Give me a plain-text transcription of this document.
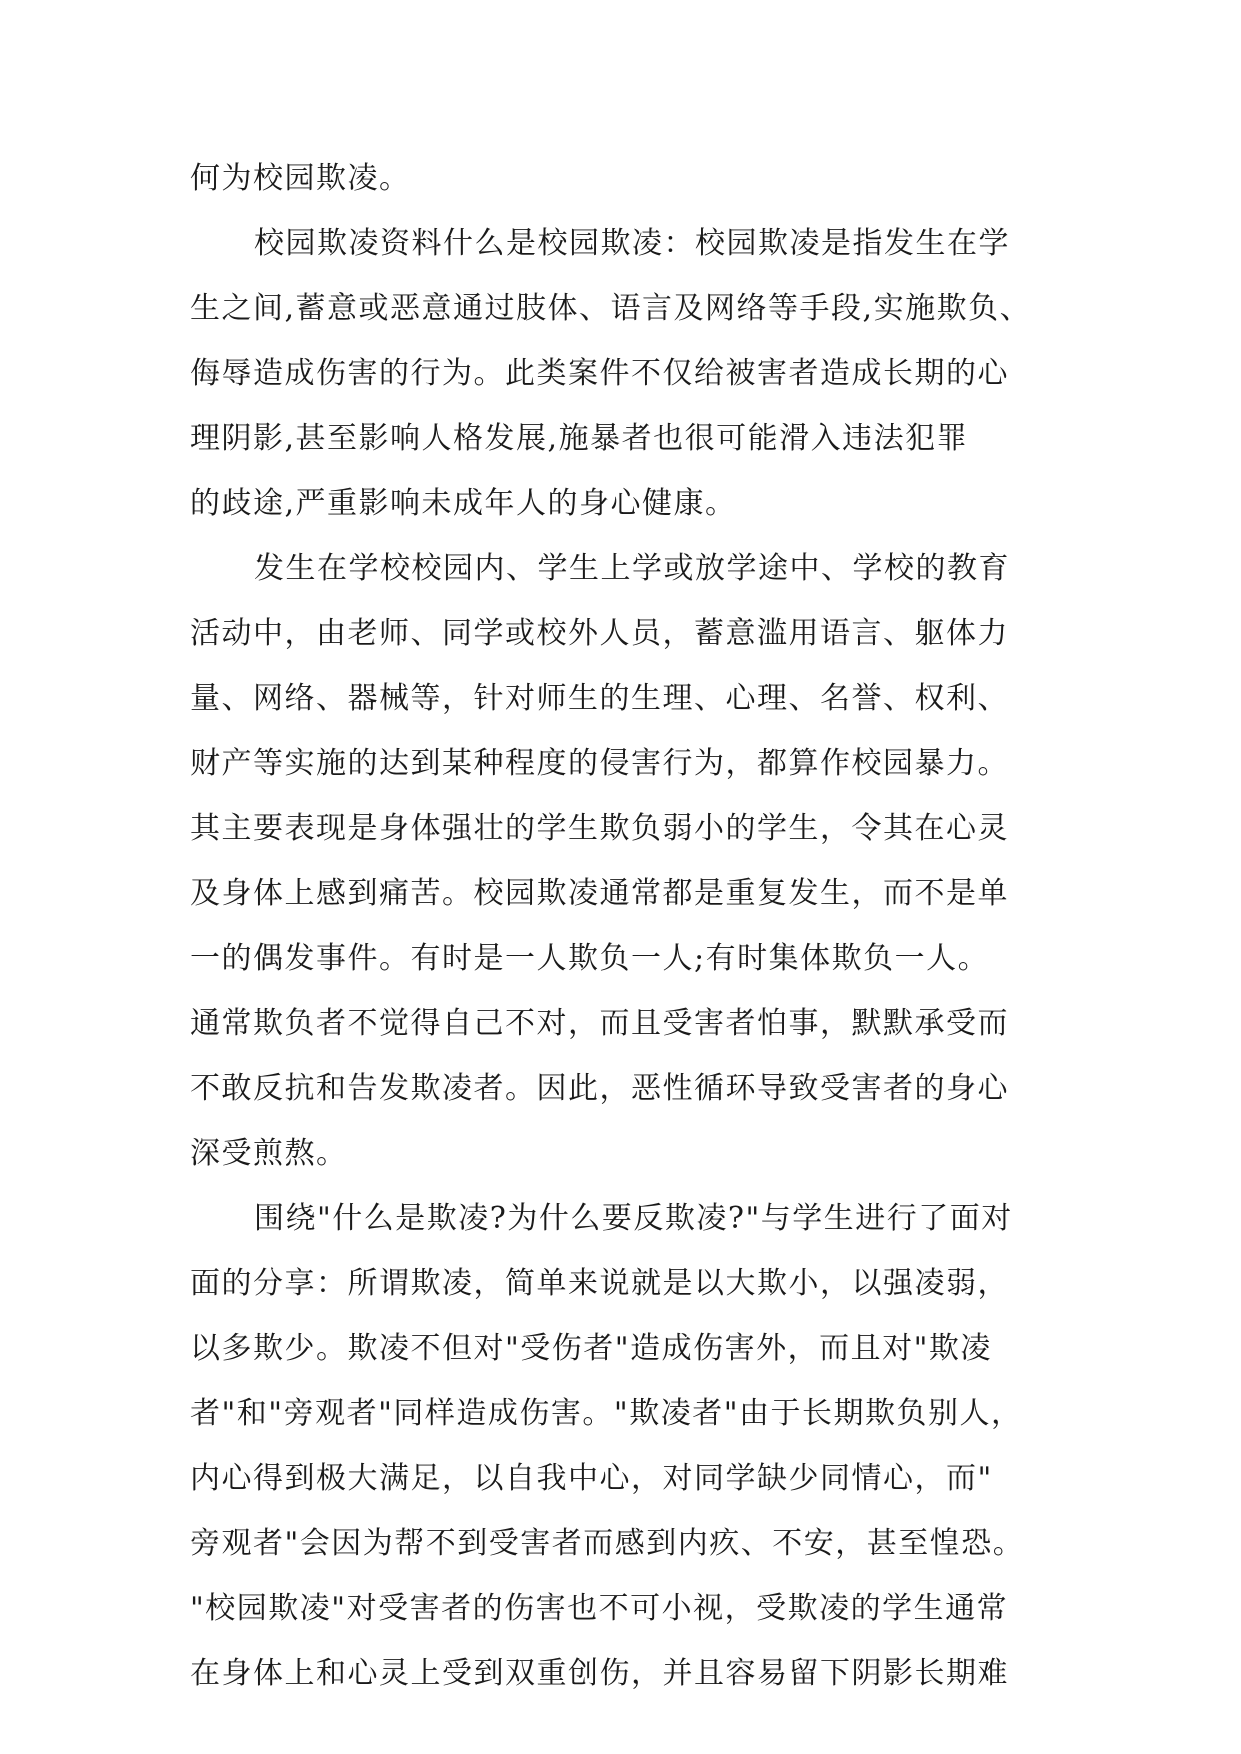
何为校园欺凌。
校园欺凌资料什么是校园欺凌：校园欺凌是指发生在学
生之间,蓄意或恶意通过肢体、语言及网络等手段,实施欺负、
侮辱造成伤害的行为。此类案件不仅给被害者造成长期的心
理阴影,甚至影响人格发展,施暴者也很可能滑入违法犯罪
的歧途,严重影响未成年人的身心健康。
发生在学校校园内、学生上学或放学途中、学校的教育
活动中，由老师、同学或校外人员，蓄意滥用语言、躯体力
量、网络、器械等，针对师生的生理、心理、名誉、权利、
财产等实施的达到某种程度的侵害行为，都算作校园暴力。
其主要表现是身体强壮的学生欺负弱小的学生，令其在心灵
及身体上感到痛苦。校园欺凌通常都是重复发生，而不是单
一的偶发事件。有时是一人欺负一人;有时集体欺负一人。
通常欺负者不觉得自己不对，而且受害者怕事，默默承受而
不敢反抗和告发欺凌者。因此，恶性循环导致受害者的身心
深受煎熬。
围绕"什么是欺凌?为什么要反欺凌?"与学生进行了面对
面的分享：所谓欺凌，简单来说就是以大欺小，以强凌弱，
以多欺少。欺凌不但对"受伤者"造成伤害外，而且对"欺凌
者"和"旁观者"同样造成伤害。"欺凌者"由于长期欺负别人，
内心得到极大满足，以自我中心，对同学缺少同情心，而"
旁观者"会因为帮不到受害者而感到内疚、不安，甚至惶恐。
"校园欺凌"对受害者的伤害也不可小视，受欺凌的学生通常
在身体上和心灵上受到双重创伤，并且容易留下阴影长期难
